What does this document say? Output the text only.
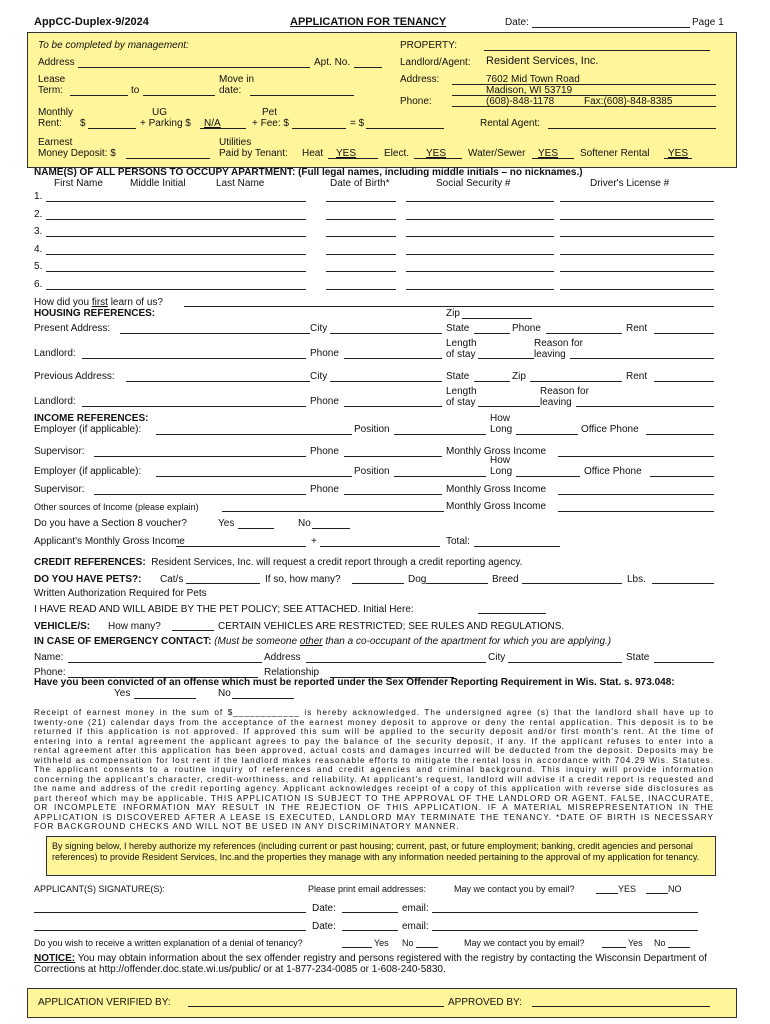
AppCC-Duplex-9/2024	APPLICATION FOR TENANCY	Date:	Page 1
To be completed by management:	PROPERTY:
Address	Apt. No.	Landlord/Agent: Resident Services, Inc.
Lease
Term:	to
Move in
date:
Address:	7602 Mid Town Road
Madison, WI 53719
Phone:	(608)-848-1178	Fax:(608)-848-8385
Monthly
Rent:	$
UG
+ Parking $ N/A
Pet
+ Fee: $	= $	Rental Agent:
Earnest
Money Deposit: $
Utilities
Paid by Tenant: Heat YES	Elect. YES Water/Sewer YES Softener Rental YES
NAME(S) OF ALL PERSONS TO OCCUPY APARTMENT: (Full legal names, including middle initials – no nicknames.)
First Name	Middle Initial	Last Name	Date of Birth*	Social Security #	Driver's License #
1.
2.
3.
4.
5.
6.
How did you first learn of us?
HOUSING REFERENCES:	Zip
Present Address:	City	State	Phone	Rent
Length
of stay
Reason for
leaving
Landlord:	Phone
Previous Address:	City	State	Zip	Rent
Length
of stay
Reason for
leaving
Landlord:	Phone
INCOME REFERENCES:
Employer (if applicable):	Position
How
Long	Office Phone
Supervisor:	Phone	Monthly Gross Income
Employer (if applicable):	Position
How
Long	Office Phone
Supervisor:	Phone	Monthly Gross Income
Other sources of Income (please explain)	Monthly Gross Income
Do you have a Section 8 voucher?	Yes	No
Applicant's Monthly Gross Income	+	Total:
CREDIT REFERENCES: Resident Services, Inc. will request a credit report through a credit reporting agency.
DO YOU HAVE PETS?: Cat/s	If so, how many?	Dog	Breed	Lbs.
Written Authorization Required for Pets
I HAVE READ AND WILL ABIDE BY THE PET POLICY; SEE ATTACHED. Initial Here:
VEHICLE/S: How many?	CERTAIN VEHICLES ARE RESTRICTED; SEE RULES AND REGULATIONS.
IN CASE OF EMERGENCY CONTACT: (Must be someone other than a co-occupant of the apartment for which you are applying.)
Name:	Address	City	State
Phone:	Relationship
Have you been convicted of an offense which must be reported under the Sex Offender Reporting Requirement in Wis. Stat. s. 973.048:
Yes	No
Receipt of earnest money in the sum of $____________ is hereby acknowledged. The undersigned agree (s) that the landlord shall have up to twenty-one (21) calendar days from the acceptance of the earnest money deposit to approve or deny the rental application. This deposit is to be returned if this application is not approved. If approved this sum will be applied to the security deposit and/or first month's rent. At the time of entering into a rental agreement the applicant agrees to pay the balance of the security deposit, if any. If the applicant refuses to enter into a rental agreement after this application has been approved, actual costs and damages incurred will be deducted from the deposit. Deposits may be withheld as compensation for lost rent if the landlord makes reasonable efforts to mitigate the rental loss in accordance with 704.29 Wis. Statutes. The applicant consents to a routine inquiry of references and credit agencies and criminal background. This inquiry will provide information concerning the applicant's character, credit-worthiness, and reliability. At applicant's request, landlord will advise if a credit report is requested and the name and address of the credit reporting agency. Applicant acknowledges receipt of a copy of this application with reverse side disclosures as part thereof which may be applicable. THIS APPLICATION IS SUBJECT TO THE APPROVAL OF THE LANDLORD OR AGENT. FALSE, INACCURATE, OR INCOMPLETE INFORMATION MAY RESULT IN THE REJECTION OF THIS APPLICATION. IF A MATERIAL MISREPRESENTATION IN THE APPLICATION IS DISCOVERED AFTER A LEASE IS EXECUTED, LANDLORD MAY TERMINATE THE TENANCY. *DATE OF BIRTH IS NECESSARY FOR BACKGROUND CHECKS AND WILL NOT BE USED IN ANY DISCRIMINATORY MANNER.
By signing below, I hereby authorize my references (including current or past housing; current, past, or future employment; banking, credit agencies and personal references) to provide Resident Services, Inc.and the properties they manage with any information needed pertaining to the approval of my application for tenancy.
APPLICANT(S) SIGNATURE(S):	Please print email addresses:	May we contact you by email?	YES	NO
Date:	email:
Date:	email:
Do you wish to receive a written explanation of a denial of tenancy?	Yes No	May we contact you by email?	Yes No
NOTICE: You may obtain information about the sex offender registry and persons registered with the registry by contacting the Wisconsin Department of Corrections at http://offender.doc.state.wi.us/public/ or at 1-877-234-0085 or 1-608-240-5830.
APPLICATION VERIFIED BY:	APPROVED BY:
